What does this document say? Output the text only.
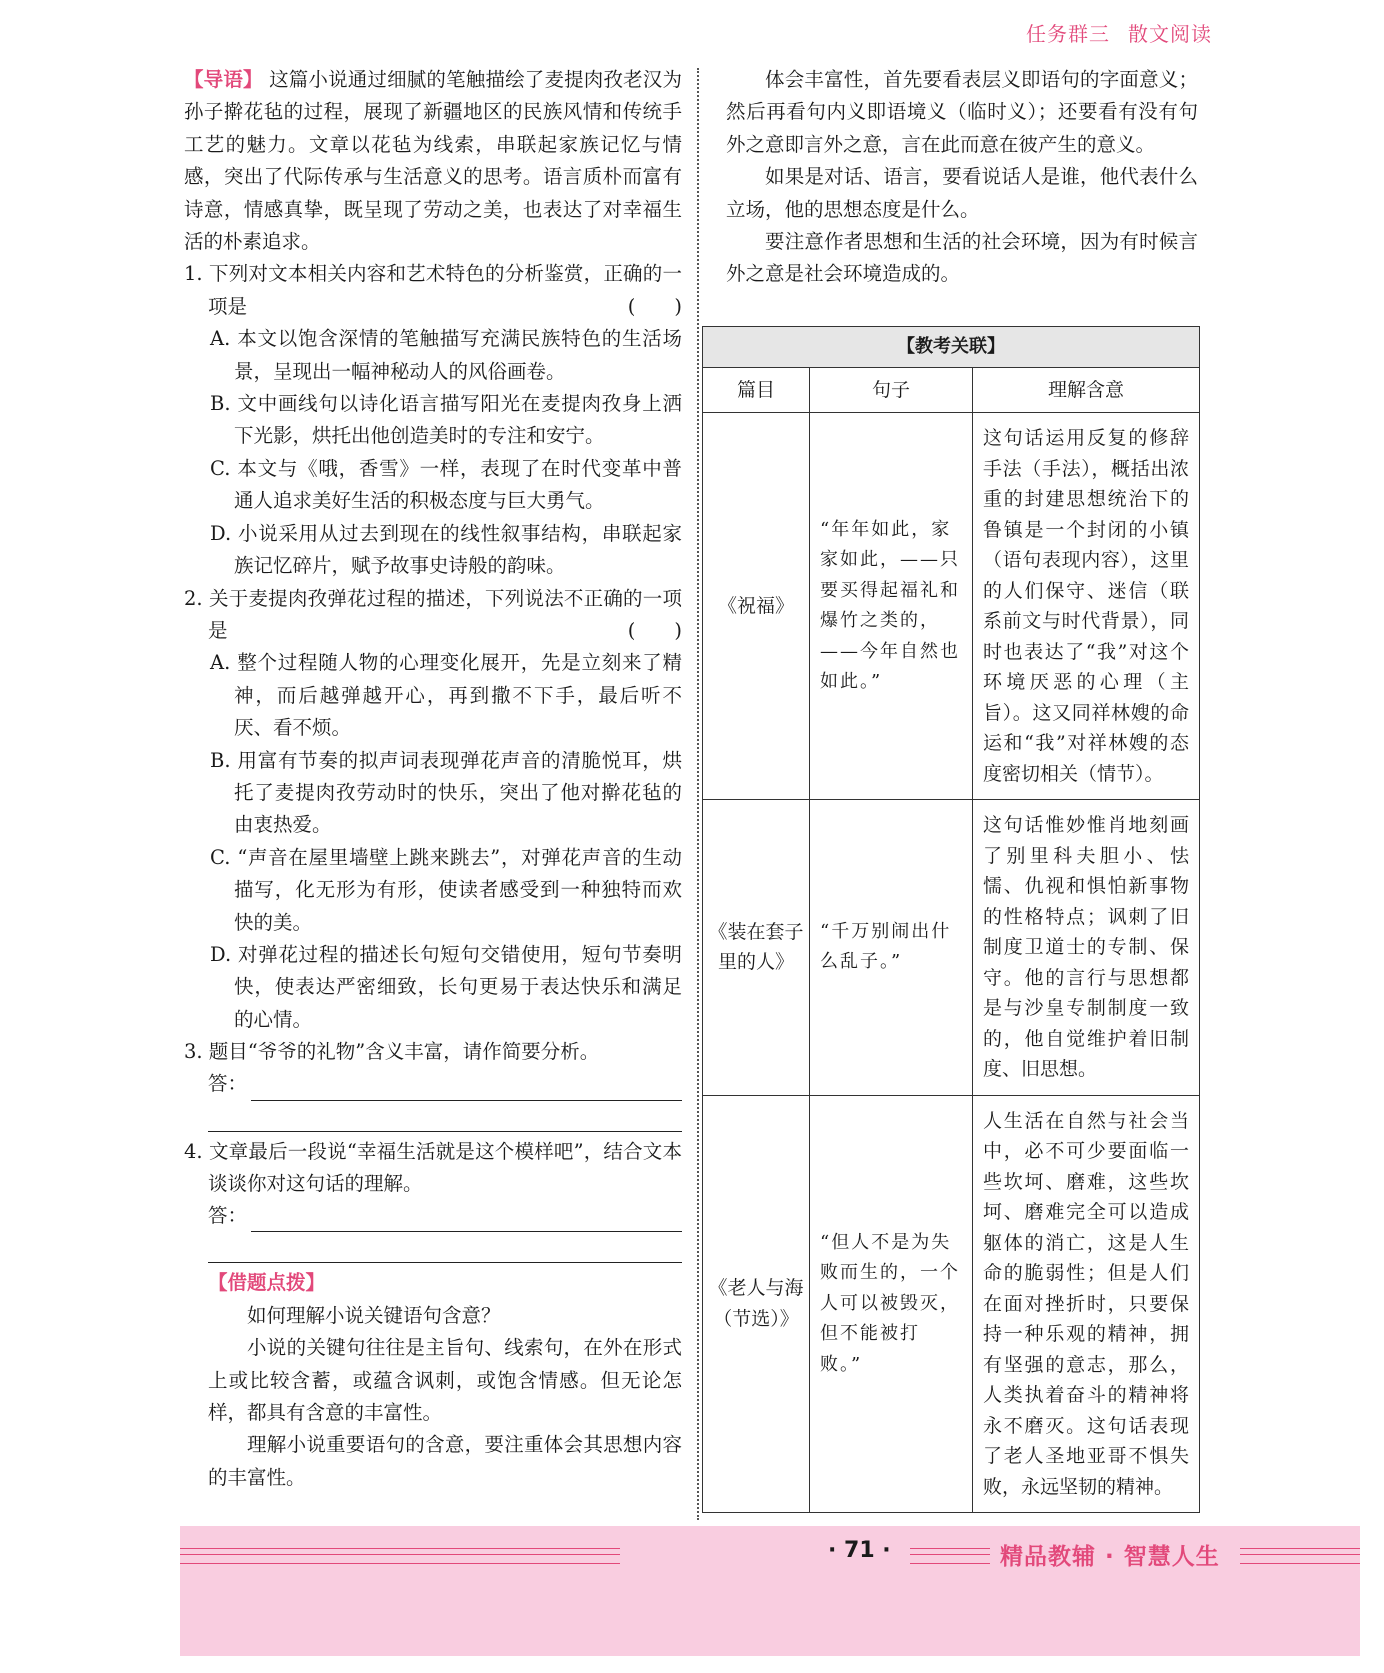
任务群三 散文阅读

【导语】 这篇小说通过细腻的笔触描绘了麦提肉孜老汉为孙子擀花毡的过程，展现了新疆地区的民族风情和传统手工艺的魅力。文章以花毡为线索，串联起家族记忆与情感，突出了代际传承与生活意义的思考。语言质朴而富有诗意，情感真挚，既呈现了劳动之美，也表达了对幸福生活的朴素追求。

1. 下列对文本相关内容和艺术特色的分析鉴赏，正确的一项是	(　　)

A. 本文以饱含深情的笔触描写充满民族特色的生活场景，呈现出一幅神秘动人的风俗画卷。

B. 文中画线句以诗化语言描写阳光在麦提肉孜身上洒下光影，烘托出他创造美时的专注和安宁。

C. 本文与《哦，香雪》一样，表现了在时代变革中普通人追求美好生活的积极态度与巨大勇气。

D. 小说采用从过去到现在的线性叙事结构，串联起家族记忆碎片，赋予故事史诗般的韵味。

2. 关于麦提肉孜弹花过程的描述，下列说法不正确的一项是	(　　)

A. 整个过程随人物的心理变化展开，先是立刻来了精神，而后越弹越开心，再到撒不下手，最后听不厌、看不烦。

B. 用富有节奏的拟声词表现弹花声音的清脆悦耳，烘托了麦提肉孜劳动时的快乐，突出了他对擀花毡的由衷热爱。

C. “声音在屋里墙壁上跳来跳去”，对弹花声音的生动描写，化无形为有形，使读者感受到一种独特而欢快的美。

D. 对弹花过程的描述长句短句交错使用，短句节奏明快，使表达严密细致，长句更易于表达快乐和满足的心情。

3. 题目“爷爷的礼物”含义丰富，请作简要分析。

答：

4. 文章最后一段说“幸福生活就是这个模样吧”，结合文本谈谈你对这句话的理解。

答：

【借题点拨】

如何理解小说关键语句含意？

小说的关键句往往是主旨句、线索句，在外在形式上或比较含蓄，或蕴含讽刺，或饱含情感。但无论怎样，都具有含意的丰富性。

理解小说重要语句的含意，要注重体会其思想内容的丰富性。

体会丰富性，首先要看表层义即语句的字面意义；然后再看句内义即语境义（临时义）；还要看有没有句外之意即言外之意，言在此而意在彼产生的意义。

如果是对话、语言，要看说话人是谁，他代表什么立场，他的思想态度是什么。

要注意作者思想和生活的社会环境，因为有时候言外之意是社会环境造成的。

【教考关联】		
篇目	句子	理解含意
《祝福》	“年年如此，家家如此，——只要买得起福礼和爆竹之类的，——今年自然也如此。”	这句话运用反复的修辞手法（手法），概括出浓重的封建思想统治下的鲁镇是一个封闭的小镇（语句表现内容），这里的人们保守、迷信（联系前文与时代背景），同时也表达了“我”对这个环境厌恶的心理（主旨）。这又同祥林嫂的命运和“我”对祥林嫂的态度密切相关（情节）。
《装在套子里的人》	“千万别闹出什么乱子。”	这句话惟妙惟肖地刻画了别里科夫胆小、怯懦、仇视和惧怕新事物的性格特点；讽刺了旧制度卫道士的专制、保守。他的言行与思想都是与沙皇专制制度一致的，他自觉维护着旧制度、旧思想。
《老人与海（节选）》	“但人不是为失败而生的，一个人可以被毁灭，但不能被打败。”	人生活在自然与社会当中，必不可少要面临一些坎坷、磨难，这些坎坷、磨难完全可以造成躯体的消亡，这是人生命的脆弱性；但是人们在面对挫折时，只要保持一种乐观的精神，拥有坚强的意志，那么，人类执着奋斗的精神将永不磨灭。这句话表现了老人圣地亚哥不惧失败，永远坚韧的精神。
· 71 ·	精品教辅 · 智慧人生
